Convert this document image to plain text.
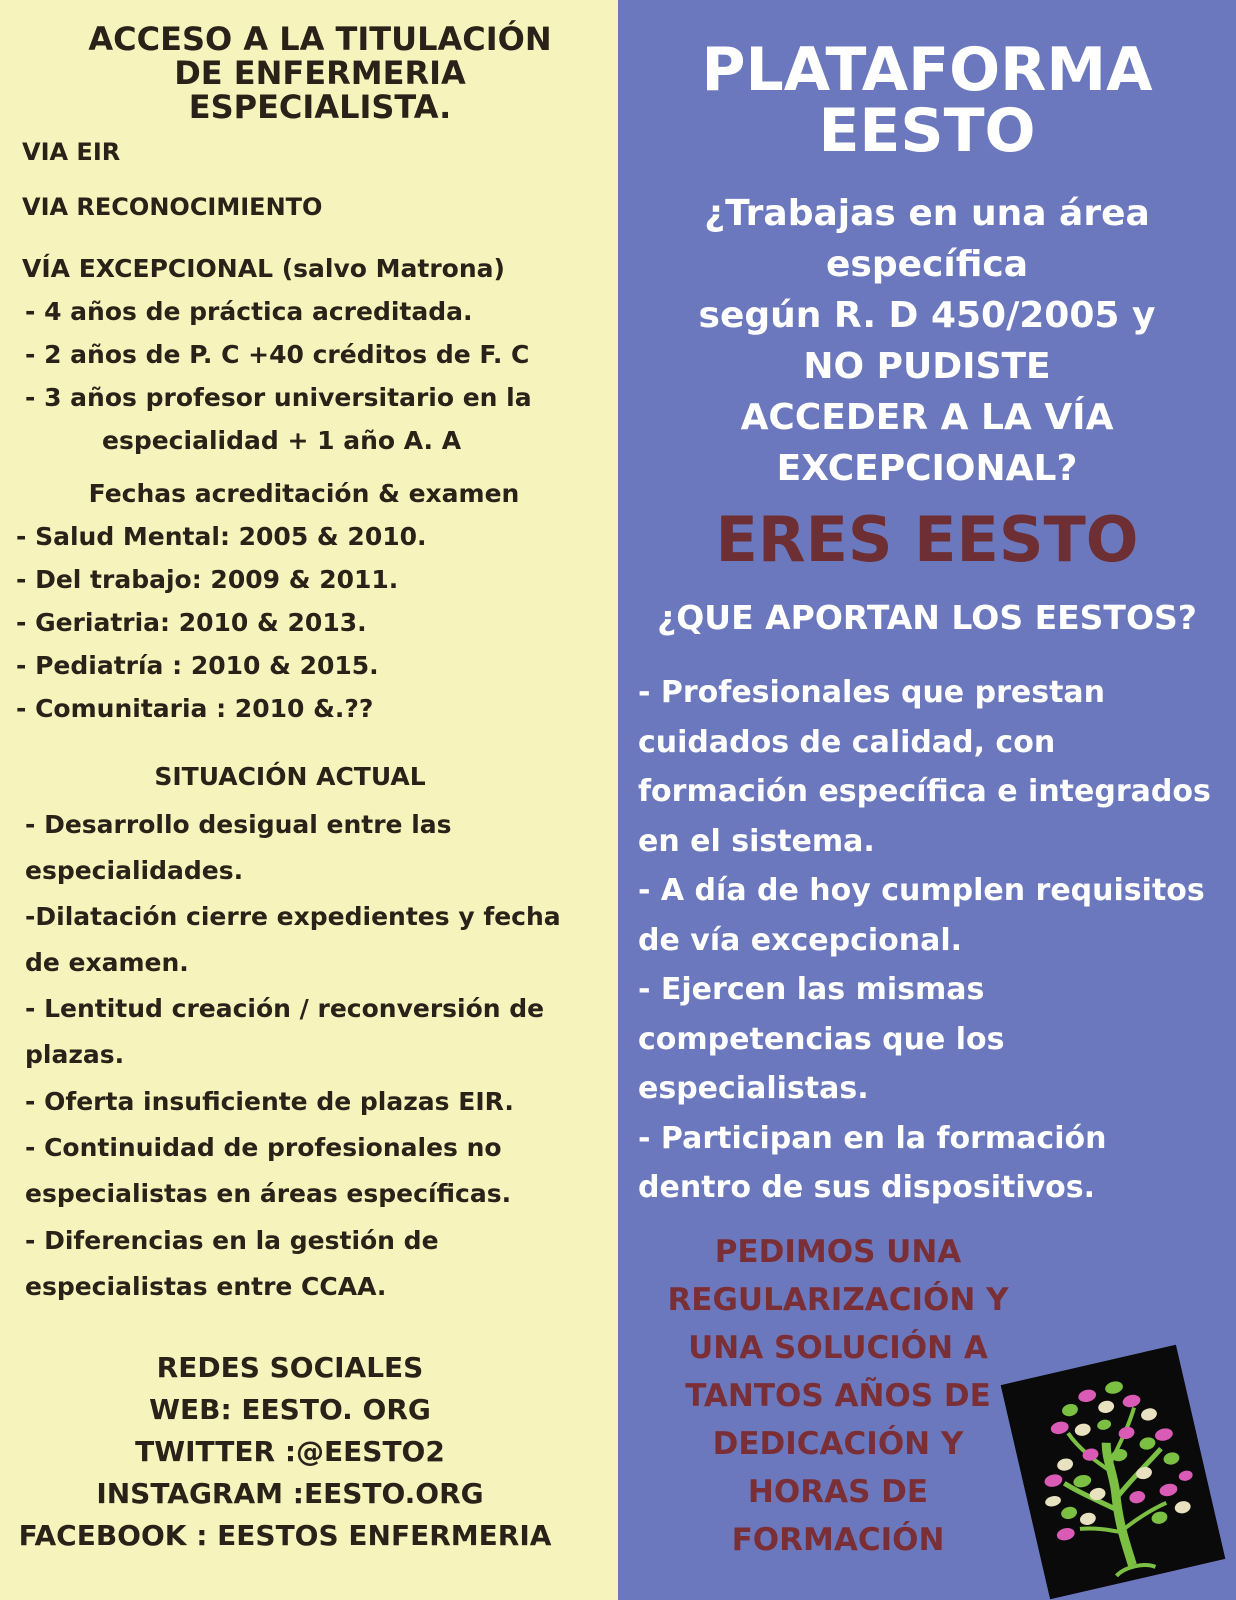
ACCESO A LA TITULACIÓN
DE ENFERMERIA
ESPECIALISTA.
VIA EIR
VIA RECONOCIMIENTO
VÍA EXCEPCIONAL (salvo Matrona)
- 4 años de práctica acreditada.
- 2 años de P. C +40 créditos de F. C
- 3 años profesor universitario en la
especialidad + 1 año A. A
Fechas acreditación & examen
- Salud Mental: 2005 & 2010.
- Del trabajo: 2009 & 2011.
- Geriatria: 2010 & 2013.
- Pediatría : 2010 & 2015.
- Comunitaria : 2010 &.??
SITUACIÓN ACTUAL
- Desarrollo desigual entre las
especialidades.
-Dilatación cierre expedientes y fecha
de examen.
- Lentitud creación / reconversión de
plazas.
- Oferta insuficiente de plazas EIR.
- Continuidad de profesionales no
especialistas en áreas específicas.
- Diferencias en la gestión de
especialistas entre CCAA.
REDES SOCIALES
WEB: EESTO. ORG
TWITTER :@EESTO2
INSTAGRAM :EESTO.ORG
FACEBOOK : EESTOS ENFERMERIA
PLATAFORMA
EESTO
¿Trabajas en una área
específica
según R. D 450/2005 y
NO PUDISTE
ACCEDER A LA VÍA
EXCEPCIONAL?
ERES EESTO
¿QUE APORTAN LOS EESTOS?

- Profesionales que prestan cuidados de calidad, con formación específica e integrados en el sistema.

- A día de hoy cumplen requisitos de vía excepcional.

- Ejercen las mismas competencias que los especialistas.

- Participan en la formación dentro de sus dispositivos.

PEDIMOS UNA
REGULARIZACIÓN Y
UNA SOLUCIÓN A
TANTOS AÑOS DE
DEDICACIÓN Y
HORAS DE
FORMACIÓN
